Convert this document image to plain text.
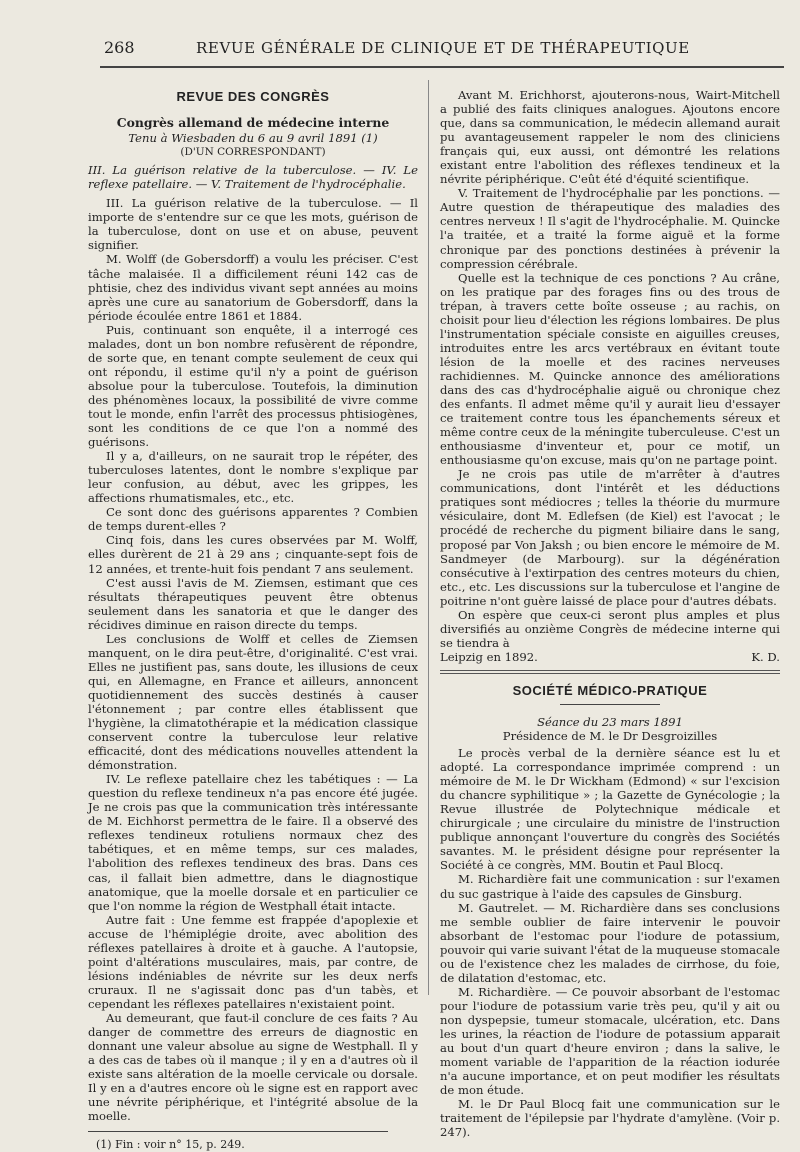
268	REVUE GÉNÉRALE DE CLINIQUE ET DE THÉRAPEUTIQUE
REVUE DES CONGRÈS
Congrès allemand de médecine interne
Tenu à Wiesbaden du 6 au 9 avril 1891 (1)
(D'UN CORRESPONDANT)

III. La guérison relative de la tuberculose. — IV. Le reflexe patellaire. — V. Traitement de l'hydrocéphalie.

III. La guérison relative de la tuberculose. — Il importe de s'entendre sur ce que les mots, guérison de la tuberculose, dont on use et on abuse, peuvent signifier.

M. Wolff (de Gobersdorff) a voulu les préciser. C'est tâche malaisée. Il a difficilement réuni 142 cas de phtisie, chez des individus vivant sept années au moins après une cure au sanatorium de Gobersdorff, dans la période écoulée entre 1861 et 1884.

Puis, continuant son enquête, il a interrogé ces malades, dont un bon nombre refusèrent de répondre, de sorte que, en tenant compte seulement de ceux qui ont répondu, il estime qu'il n'y a point de guérison absolue pour la tuberculose. Toutefois, la diminution des phénomènes locaux, la possibilité de vivre comme tout le monde, enfin l'arrêt des processus phtisiogènes, sont les conditions de ce que l'on a nommé des guérisons.

Il y a, d'ailleurs, on ne saurait trop le répéter, des tuberculoses latentes, dont le nombre s'explique par leur confusion, au début, avec les grippes, les affections rhumatismales, etc., etc.

Ce sont donc des guérisons apparentes ? Combien de temps durent-elles ?

Cinq fois, dans les cures observées par M. Wolff, elles durèrent de 21 à 29 ans ; cinquante-sept fois de 12 années, et trente-huit fois pendant 7 ans seulement.

C'est aussi l'avis de M. Ziemsen, estimant que ces résultats thérapeutiques peuvent être obtenus seulement dans les sanatoria et que le danger des récidives diminue en raison directe du temps.

Les conclusions de Wolff et celles de Ziemsen manquent, on le dira peut-être, d'originalité. C'est vrai. Elles ne justifient pas, sans doute, les illusions de ceux qui, en Allemagne, en France et ailleurs, annoncent quotidiennement des succès destinés à causer l'étonnement ; par contre elles établissent que l'hygiène, la climatothérapie et la médication classique conservent contre la tuberculose leur relative efficacité, dont des médications nouvelles attendent la démonstration.

IV. Le reflexe patellaire chez les tabétiques : — La question du reflexe tendineux n'a pas encore été jugée. Je ne crois pas que la communication très intéressante de M. Eichhorst permettra de le faire. Il a observé des reflexes tendineux rotuliens normaux chez des tabétiques, et en même temps, sur ces malades, l'abolition des reflexes tendineux des bras. Dans ces cas, il fallait bien admettre, dans le diagnostique anatomique, que la moelle dorsale et en particulier ce que l'on nomme la région de Westphall était intacte.

Autre fait : Une femme est frappée d'apoplexie et accuse de l'hémiplégie droite, avec abolition des réflexes patellaires à droite et à gauche. A l'autopsie, point d'altérations musculaires, mais, par contre, de lésions indéniables de névrite sur les deux nerfs cruraux. Il ne s'agissait donc pas d'un tabès, et cependant les réflexes patellaires n'existaient point.

Au demeurant, que faut-il conclure de ces faits ? Au danger de commettre des erreurs de diagnostic en donnant une valeur absolue au signe de Westphall. Il y a des cas de tabes où il manque ; il y en a d'autres où il existe sans altération de la moelle cervicale ou dorsale. Il y en a d'autres encore où le signe est en rapport avec une névrite périphérique, et l'intégrité absolue de la moelle.

(1) Fin : voir n° 15, p. 249.

Avant M. Erichhorst, ajouterons-nous, Wairt-Mitchell a publié des faits cliniques analogues. Ajoutons encore que, dans sa communication, le médecin allemand aurait pu avantageusement rappeler le nom des cliniciens français qui, eux aussi, ont démontré les relations existant entre l'abolition des réflexes tendineux et la névrite périphérique. C'eût été d'équité scientifique.

V. Traitement de l'hydrocéphalie par les ponctions. — Autre question de thérapeutique des maladies des centres nerveux ! Il s'agit de l'hydrocéphalie. M. Quincke l'a traitée, et a traité la forme aiguë et la forme chronique par des ponctions destinées à prévenir la compression cérébrale.

Quelle est la technique de ces ponctions ? Au crâne, on les pratique par des forages fins ou des trous de trépan, à travers cette boîte osseuse ; au rachis, on choisit pour lieu d'élection les régions lombaires. De plus l'instrumentation spéciale consiste en aiguilles creuses, introduites entre les arcs vertébraux en évitant toute lésion de la moelle et des racines nerveuses rachidiennes. M. Quincke annonce des améliorations dans des cas d'hydrocéphalie aiguë ou chronique chez des enfants. Il admet même qu'il y aurait lieu d'essayer ce traitement contre tous les épanchements séreux et même contre ceux de la méningite tuberculeuse. C'est un enthousiasme d'inventeur et, pour ce motif, un enthousiasme qu'on excuse, mais qu'on ne partage point.

Je ne crois pas utile de m'arrêter à d'autres communications, dont l'intérêt et les déductions pratiques sont médiocres ; telles la théorie du murmure vésiculaire, dont M. Edlefsen (de Kiel) est l'avocat ; le procédé de recherche du pigment biliaire dans le sang, proposé par Von Jaksh ; ou bien encore le mémoire de M. Sandmeyer (de Marbourg). sur la dégénération consécutive à l'extirpation des centres moteurs du chien, etc., etc. Les discussions sur la tuberculose et l'angine de poitrine n'ont guère laissé de place pour d'autres débats.

On espère que ceux-ci seront plus amples et plus diversifiés au onzième Congrès de médecine interne qui se tiendra à

Leipzig en 1892.	K. D.
SOCIÉTÉ MÉDICO-PRATIQUE
Séance du 23 mars 1891
Présidence de M. le Dr Desgroizilles

Le procès verbal de la dernière séance est lu et adopté. La correspondance imprimée comprend : un mémoire de M. le Dr Wickham (Edmond) « sur l'excision du chancre syphilitique » ; la Gazette de Gynécologie ; la Revue illustrée de Polytechnique médicale et chirurgicale ; une circulaire du ministre de l'instruction publique annonçant l'ouverture du congrès des Sociétés savantes. M. le président désigne pour représenter la Société à ce congrès, MM. Boutin et Paul Blocq.

M. Richardière fait une communication : sur l'examen du suc gastrique à l'aide des capsules de Ginsburg.

M. Gautrelet. — M. Richardière dans ses conclusions me semble oublier de faire intervenir le pouvoir absorbant de l'estomac pour l'iodure de potassium, pouvoir qui varie suivant l'état de la muqueuse stomacale ou de l'existence chez les malades de cirrhose, du foie, de dilatation d'estomac, etc.

M. Richardière. — Ce pouvoir absorbant de l'estomac pour l'iodure de potassium varie très peu, qu'il y ait ou non dyspepsie, tumeur stomacale, ulcération, etc. Dans les urines, la réaction de l'iodure de potassium apparait au bout d'un quart d'heure environ ; dans la salive, le moment variable de l'apparition de la réaction iodurée n'a aucune importance, et on peut modifier les résultats de mon étude.

M. le Dr Paul Blocq fait une communication sur le traitement de l'épilepsie par l'hydrate d'amylène. (Voir p. 247).
